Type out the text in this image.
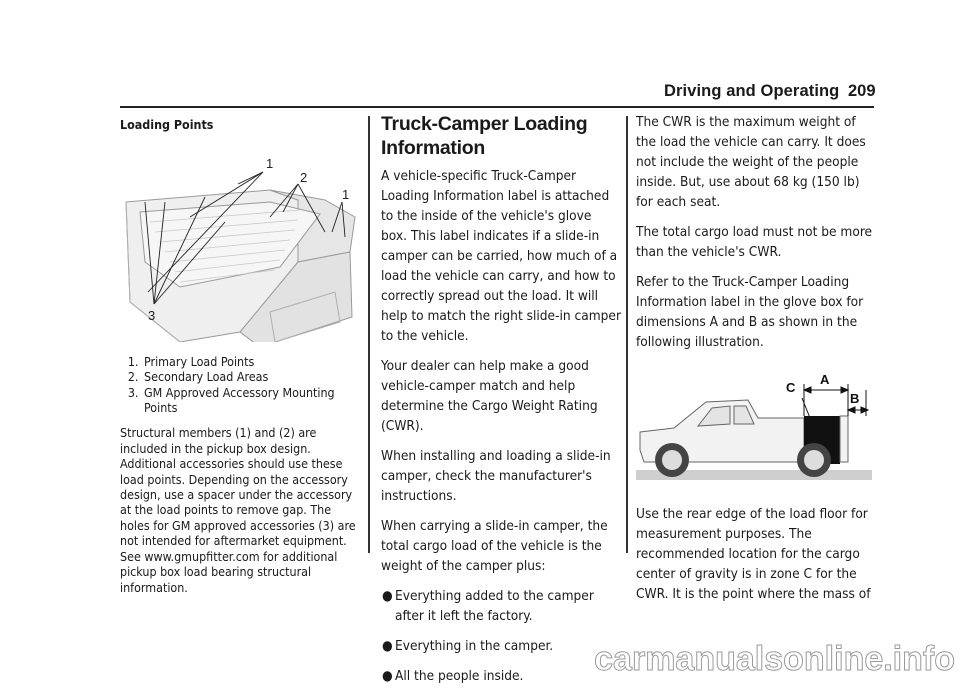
Driving and Operating 209
Loading Points
1
2
1
3
1. Primary Load Points
2. Secondary Load Areas
3. GM Approved Accessory Mounting Points

Structural members (1) and (2) are included in the pickup box design. Additional accessories should use these load points. Depending on the accessory design, use a spacer under the accessory at the load points to remove gap. The holes for GM approved accessories (3) are not intended for aftermarket equipment. See www.gmupfitter.com for additional pickup box load bearing structural information.

Truck-Camper Loading Information

A vehicle-specific Truck-Camper Loading Information label is attached to the inside of the vehicle's glove box. This label indicates if a slide-in camper can be carried, how much of a load the vehicle can carry, and how to correctly spread out the load. It will help to match the right slide-in camper to the vehicle.

Your dealer can help make a good vehicle-camper match and help determine the Cargo Weight Rating (CWR).

When installing and loading a slide-in camper, check the manufacturer's instructions.

When carrying a slide-in camper, the total cargo load of the vehicle is the weight of the camper plus:

● Everything added to the camper after it left the factory.
● Everything in the camper.
● All the people inside.

The CWR is the maximum weight of the load the vehicle can carry. It does not include the weight of the people inside. But, use about 68 kg (150 lb) for each seat.

The total cargo load must not be more than the vehicle's CWR.

Refer to the Truck-Camper Loading Information label in the glove box for dimensions A and B as shown in the following illustration.

C
A
B

Use the rear edge of the load floor for measurement purposes. The recommended location for the cargo center of gravity is in zone C for the CWR. It is the point where the mass of

carmanualsonline.info
